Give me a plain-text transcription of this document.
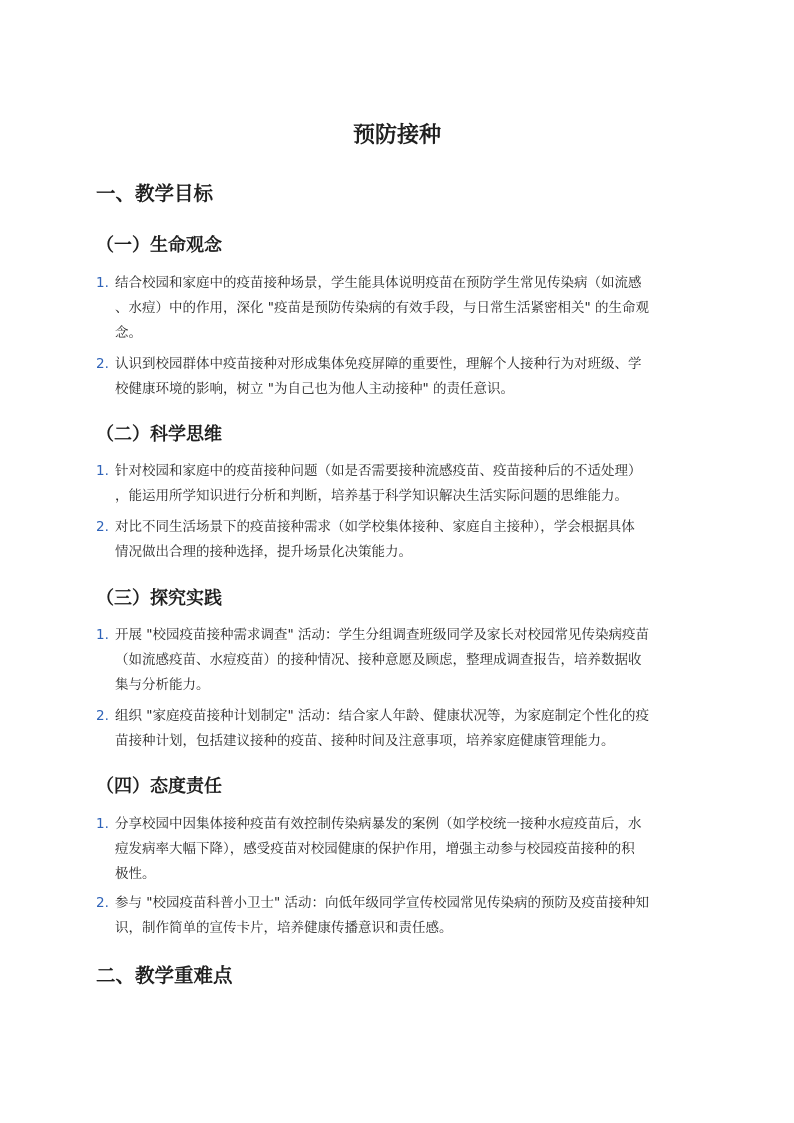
预防接种
一、教学目标
（一）生命观念
1. 结合校园和家庭中的疫苗接种场景，学生能具体说明疫苗在预防学生常见传染病（如流感
、水痘）中的作用，深化 "疫苗是预防传染病的有效手段，与日常生活紧密相关" 的生命观
念。
2. 认识到校园群体中疫苗接种对形成集体免疫屏障的重要性，理解个人接种行为对班级、学
校健康环境的影响，树立 "为自己也为他人主动接种" 的责任意识。
（二）科学思维
1. 针对校园和家庭中的疫苗接种问题（如是否需要接种流感疫苗、疫苗接种后的不适处理）
，能运用所学知识进行分析和判断，培养基于科学知识解决生活实际问题的思维能力。
2. 对比不同生活场景下的疫苗接种需求（如学校集体接种、家庭自主接种），学会根据具体
情况做出合理的接种选择，提升场景化决策能力。
（三）探究实践
1. 开展 "校园疫苗接种需求调查" 活动：学生分组调查班级同学及家长对校园常见传染病疫苗
（如流感疫苗、水痘疫苗）的接种情况、接种意愿及顾虑，整理成调查报告，培养数据收
集与分析能力。
2. 组织 "家庭疫苗接种计划制定" 活动：结合家人年龄、健康状况等，为家庭制定个性化的疫
苗接种计划，包括建议接种的疫苗、接种时间及注意事项，培养家庭健康管理能力。
（四）态度责任
1. 分享校园中因集体接种疫苗有效控制传染病暴发的案例（如学校统一接种水痘疫苗后，水
痘发病率大幅下降），感受疫苗对校园健康的保护作用，增强主动参与校园疫苗接种的积
极性。
2. 参与 "校园疫苗科普小卫士" 活动：向低年级同学宣传校园常见传染病的预防及疫苗接种知
识，制作简单的宣传卡片，培养健康传播意识和责任感。
二、教学重难点
